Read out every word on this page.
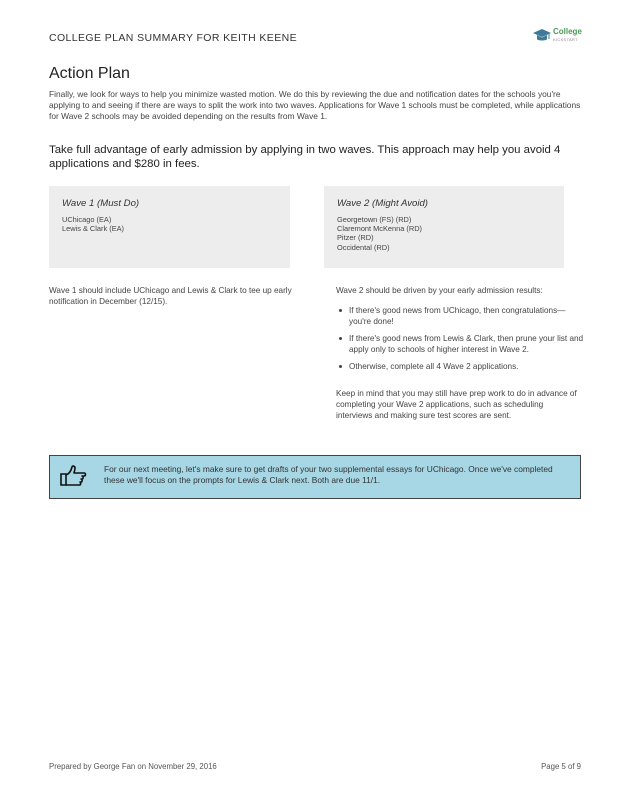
COLLEGE PLAN SUMMARY FOR KEITH KEENE
College
KICKSTART
Action Plan
Finally, we look for ways to help you minimize wasted motion. We do this by reviewing the due and notification dates for the schools you're applying to and seeing if there are ways to split the work into two waves. Applications for Wave 1 schools must be completed, while applications for Wave 2 schools may be avoided depending on the results from Wave 1.
Take full advantage of early admission by applying in two waves. This approach may help you avoid 4 applications and $280 in fees.
Wave 1 (Must Do)
UChicago (EA)
Lewis & Clark (EA)
Wave 2 (Might Avoid)
Georgetown (FS) (RD)
Claremont McKenna (RD)
Pitzer (RD)
Occidental (RD)
Wave 1 should include UChicago and Lewis & Clark to tee up early notification in December (12/15).
Wave 2 should be driven by your early admission results:
If there's good news from UChicago, then congratulations—you're done!
If there's good news from Lewis & Clark, then prune your list and apply only to schools of higher interest in Wave 2.
Otherwise, complete all 4 Wave 2 applications.
Keep in mind that you may still have prep work to do in advance of completing your Wave 2 applications, such as scheduling interviews and making sure test scores are sent.
For our next meeting, let's make sure to get drafts of your two supplemental essays for UChicago. Once we've completed these we'll focus on the prompts for Lewis & Clark next. Both are due 11/1.
Prepared by George Fan on November 29, 2016	Page 5 of 9
